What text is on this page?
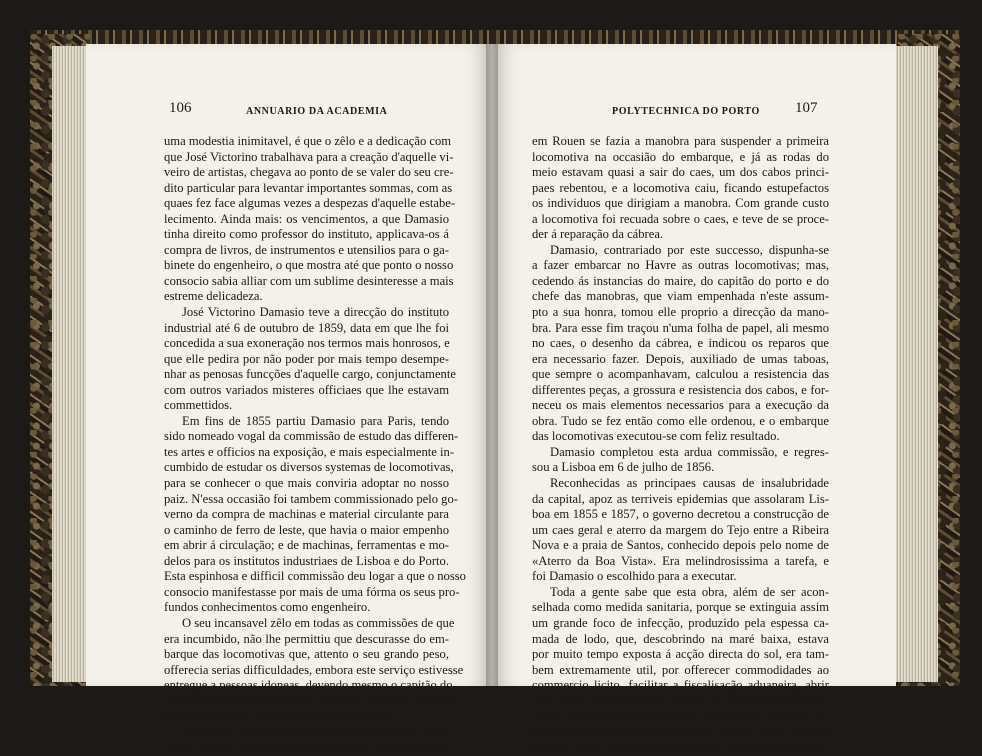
106	ANNUARIO DA ACADEMIA
uma modestia inimitavel, é que o zêlo e a dedicação com
que José Victorino trabalhava para a creação d'aquelle vi-
veiro de artistas, chegava ao ponto de se valer do seu cre-
dito particular para levantar importantes sommas, com as
quaes fez face algumas vezes a despezas d'aquelle estabe-
lecimento. Ainda mais: os vencimentos, a que Damasio
tinha direito como professor do instituto, applicava-os á
compra de livros, de instrumentos e utensilios para o ga-
binete do engenheiro, o que mostra até que ponto o nosso
consocio sabia alliar com um sublime desinteresse a mais
estreme delicadeza.
José Victorino Damasio teve a direcção do instituto
industrial até 6 de outubro de 1859, data em que lhe foi
concedida a sua exoneração nos termos mais honrosos, e
que elle pedira por não poder por mais tempo desempe-
nhar as penosas funcções d'aquelle cargo, conjunctamente
com outros variados misteres officiaes que lhe estavam
commettidos.
Em fins de 1855 partiu Damasio para Paris, tendo
sido nomeado vogal da commissão de estudo das differen-
tes artes e officios na exposição, e mais especialmente in-
cumbido de estudar os diversos systemas de locomotivas,
para se conhecer o que mais conviria adoptar no nosso
paiz. N'essa occasião foi tambem commissionado pelo go-
verno da compra de machinas e material circulante para
o caminho de ferro de leste, que havia o maior empenho
em abrir á circulação; e de machinas, ferramentas e mo-
delos para os institutos industriaes de Lisboa e do Porto.
Esta espinhosa e difficil commissão deu logar a que o nosso
consocio manifestasse por mais de uma fórma os seus pro-
fundos conhecimentos como engenheiro.
O seu incansavel zêlo em todas as commissões de que
era incumbido, não lhe permittiu que descurasse do em-
barque das locomotivas que, attento o seu grando peso,
offerecia serias difficuldades, embora este serviço estivesse
entregue a pessoas idoneas, devendo mesmo o capitão do
porto assistir a esses trabalhos, quando, como no caso pre-
sente, envolviam uma certa responsabilidade.
Depois de incriveis contrariedades e desgostos, que o
nosso collega soffreu e que seria ocioso relatar, quando
POLYTECHNICA DO PORTO 107
em Rouen se fazia a manobra para suspender a primeira
locomotiva na occasião do embarque, e já as rodas do
meio estavam quasi a sair do caes, um dos cabos princi-
paes rebentou, e a locomotiva caiu, ficando estupefactos
os individuos que dirigiam a manobra. Com grande custo
a locomotiva foi recuada sobre o caes, e teve de se proce-
der á reparação da cábrea.
Damasio, contrariado por este successo, dispunha-se
a fazer embarcar no Havre as outras locomotivas; mas,
cedendo ás instancias do maire, do capitão do porto e do
chefe das manobras, que viam empenhada n'este assum-
pto a sua honra, tomou elle proprio a direcção da mano-
bra. Para esse fim traçou n'uma folha de papel, ali mesmo
no caes, o desenho da cábrea, e indicou os reparos que
era necessario fazer. Depois, auxiliado de umas taboas,
que sempre o acompanhavam, calculou a resistencia das
differentes peças, a grossura e resistencia dos cabos, e for-
neceu os mais elementos necessarios para a execução da
obra. Tudo se fez então como elle ordenou, e o embarque
das locomotivas executou-se com feliz resultado.
Damasio completou esta ardua commissão, e regres-
sou a Lisboa em 6 de julho de 1856.
Reconhecidas as principaes causas de insalubridade
da capital, apoz as terriveis epidemias que assolaram Lis-
boa em 1855 e 1857, o governo decretou a construcção de
um caes geral e aterro da margem do Tejo entre a Ribeira
Nova e a praia de Santos, conhecido depois pelo nome de
«Aterro da Boa Vista». Era melindrosissima a tarefa, e
foi Damasio o escolhido para a executar.
Toda a gente sabe que esta obra, além de ser acon-
selhada como medida sanitaria, porque se extinguia assim
um grande foco de infecção, produzido pela espessa ca-
mada de lodo, que, descobrindo na maré baixa, estava
por muito tempo exposta á acção directa do sol, era tam-
bem extremamente util, por offerecer commodidades ao
commercio licito, facilitar a fiscalisação aduaneira, abrir
uma nova via ao transito publico, e aformosear notavel-
mente aquella parte da cidade. Mas tinham grandes in-
teresses particulares estavam a ella ligados, e que iam ser
feridos; e por isso não tardou que se levantassem os cla-
